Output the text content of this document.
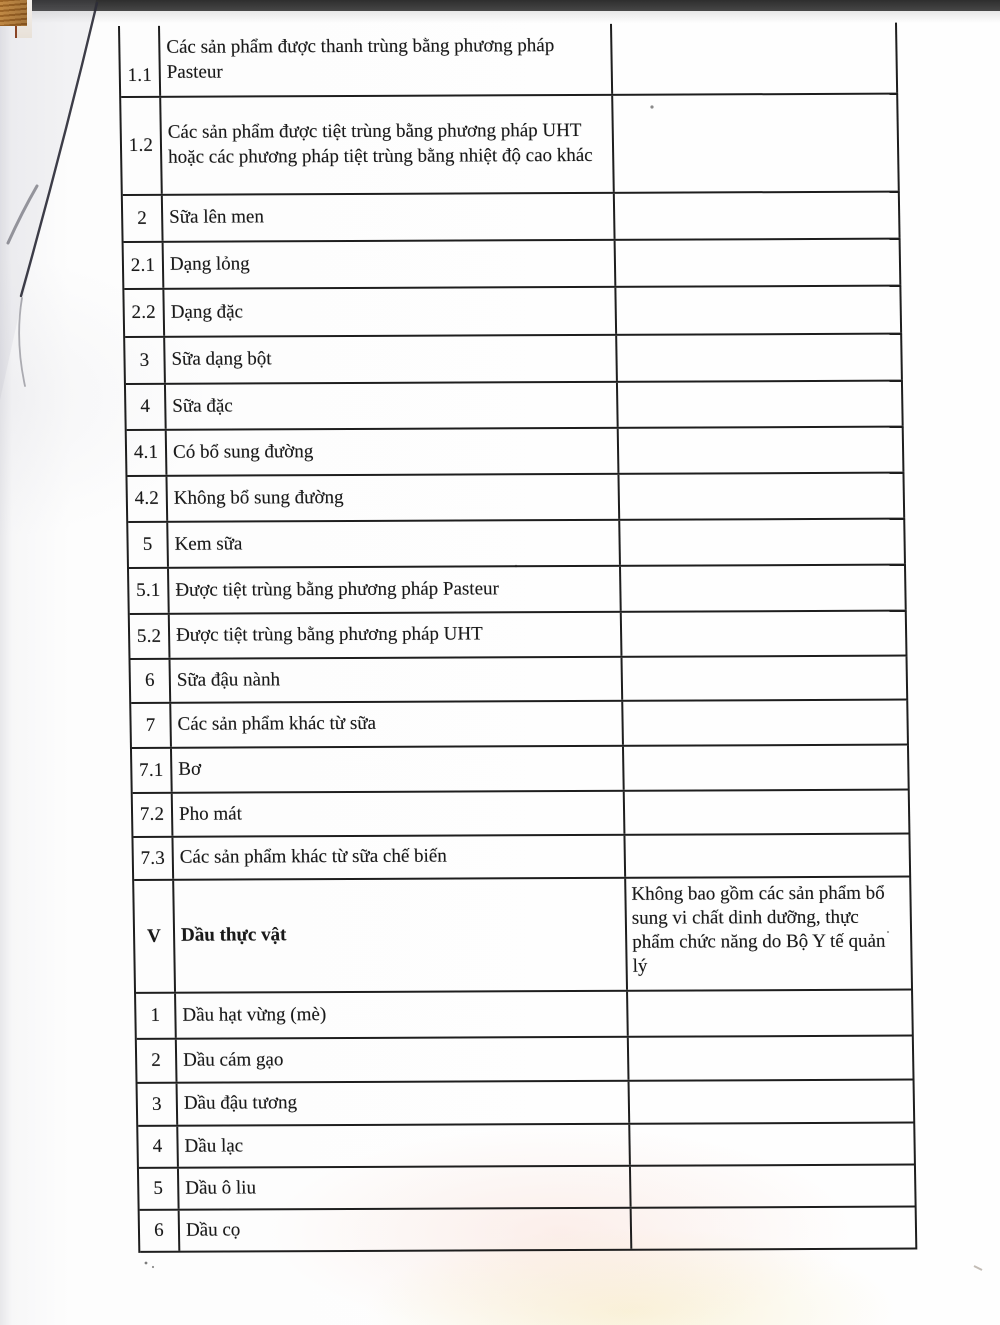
1.1
Các sản phẩm được thanh trùng bằng phương pháp Pasteur
1.2
Các sản phẩm được tiệt trùng bằng phương pháp UHT hoặc các phương pháp tiệt trùng bằng nhiệt độ cao khác
2 Sữa lên men
2.1 Dạng lỏng
2.2 Dạng đặc
3 Sữa dạng bột
4 Sữa đặc
4.1 Có bổ sung đường
4.2 Không bổ sung đường
5 Kem sữa
5.1 Được tiệt trùng bằng phương pháp Pasteur
5.2 Được tiệt trùng bằng phương pháp UHT
6 Sữa đậu nành
7 Các sản phẩm khác từ sữa
7.1 Bơ
7.2 Pho mát
7.3 Các sản phẩm khác từ sữa chế biến
V Dầu thực vật
Không bao gồm các sản phẩm bổ sung vi chất dinh dưỡng, thực phẩm chức năng do Bộ Y tế quản lý
1 Dầu hạt vừng (mè)
2 Dầu cám gạo
3 Dầu đậu tương
4 Dầu lạc
5 Dầu ô liu
6 Dầu cọ
